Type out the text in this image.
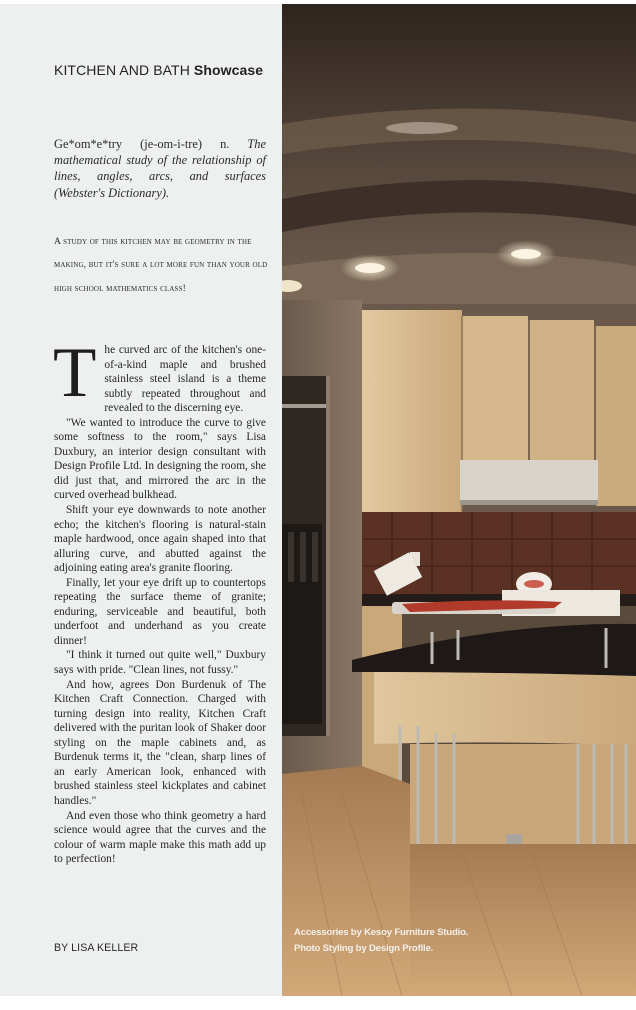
KITCHEN AND BATH Showcase
Ge*om*e*try (je-om-i-tre) n. The mathematical study of the relationship of lines, angles, arcs, and surfaces (Webster's Dictionary).
A study of this kitchen may be geometry in the making, but it's sure a lot more fun than your old high school mathematics class!

The curved arc of the kitchen's one-of-a-kind maple and brushed stainless steel island is a theme subtly repeated throughout and revealed to the discerning eye.

"We wanted to introduce the curve to give some softness to the room," says Lisa Duxbury, an interior design consultant with Design Profile Ltd. In designing the room, she did just that, and mirrored the arc in the curved overhead bulkhead.

Shift your eye downwards to note another echo; the kitchen's flooring is natural-stain maple hardwood, once again shaped into that alluring curve, and abutted against the adjoining eating area's granite flooring.

Finally, let your eye drift up to countertops repeating the surface theme of granite; enduring, serviceable and beautiful, both underfoot and underhand as you create dinner!

"I think it turned out quite well," Duxbury says with pride. "Clean lines, not fussy."

And how, agrees Don Burdenuk of The Kitchen Craft Connection. Charged with turning design into reality, Kitchen Craft delivered with the puritan look of Shaker door styling on the maple cabinets and, as Burdenuk terms it, the "clean, sharp lines of an early American look, enhanced with brushed stainless steel kickplates and cabinet handles."

And even those who think geometry a hard science would agree that the curves and the colour of warm maple make this math add up to perfection!

BY LISA KELLER
Accessories by Kesoy Furniture Studio.
Photo Styling by Design Profile.
